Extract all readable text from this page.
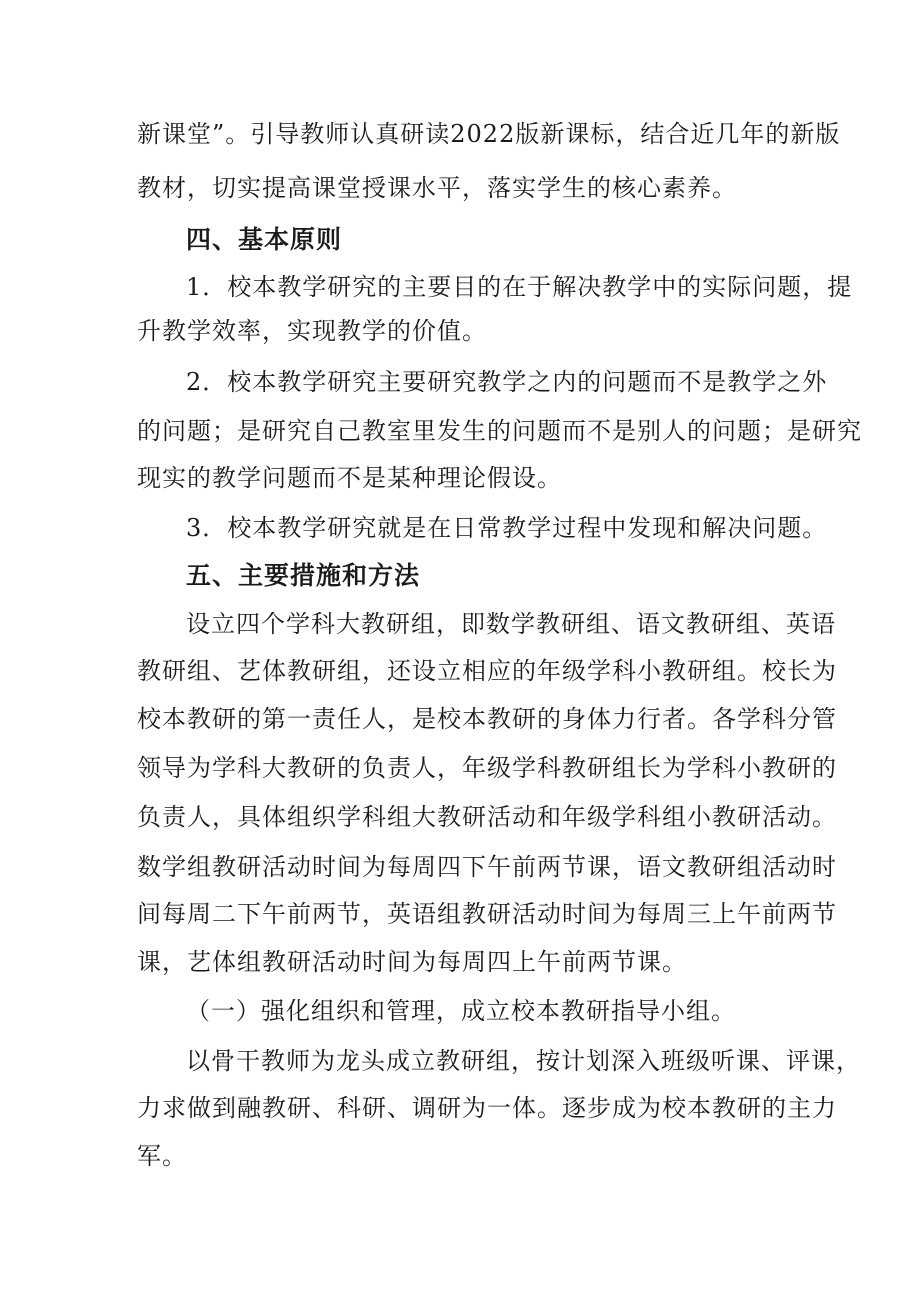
新课堂”。引导教师认真研读2022版新课标，结合近几年的新版
教材，切实提高课堂授课水平，落实学生的核心素养。
四、基本原则
1．校本教学研究的主要目的在于解决教学中的实际问题，提
升教学效率，实现教学的价值。
2．校本教学研究主要研究教学之内的问题而不是教学之外
的问题；是研究自己教室里发生的问题而不是别人的问题；是研究
现实的教学问题而不是某种理论假设。
3．校本教学研究就是在日常教学过程中发现和解决问题。
五、主要措施和方法
设立四个学科大教研组，即数学教研组、语文教研组、英语
教研组、艺体教研组，还设立相应的年级学科小教研组。校长为
校本教研的第一责任人，是校本教研的身体力行者。各学科分管
领导为学科大教研的负责人，年级学科教研组长为学科小教研的
负责人，具体组织学科组大教研活动和年级学科组小教研活动。
数学组教研活动时间为每周四下午前两节课，语文教研组活动时
间每周二下午前两节，英语组教研活动时间为每周三上午前两节
课，艺体组教研活动时间为每周四上午前两节课。
（一）强化组织和管理，成立校本教研指导小组。
以骨干教师为龙头成立教研组，按计划深入班级听课、评课，
力求做到融教研、科研、调研为一体。逐步成为校本教研的主力
军。
